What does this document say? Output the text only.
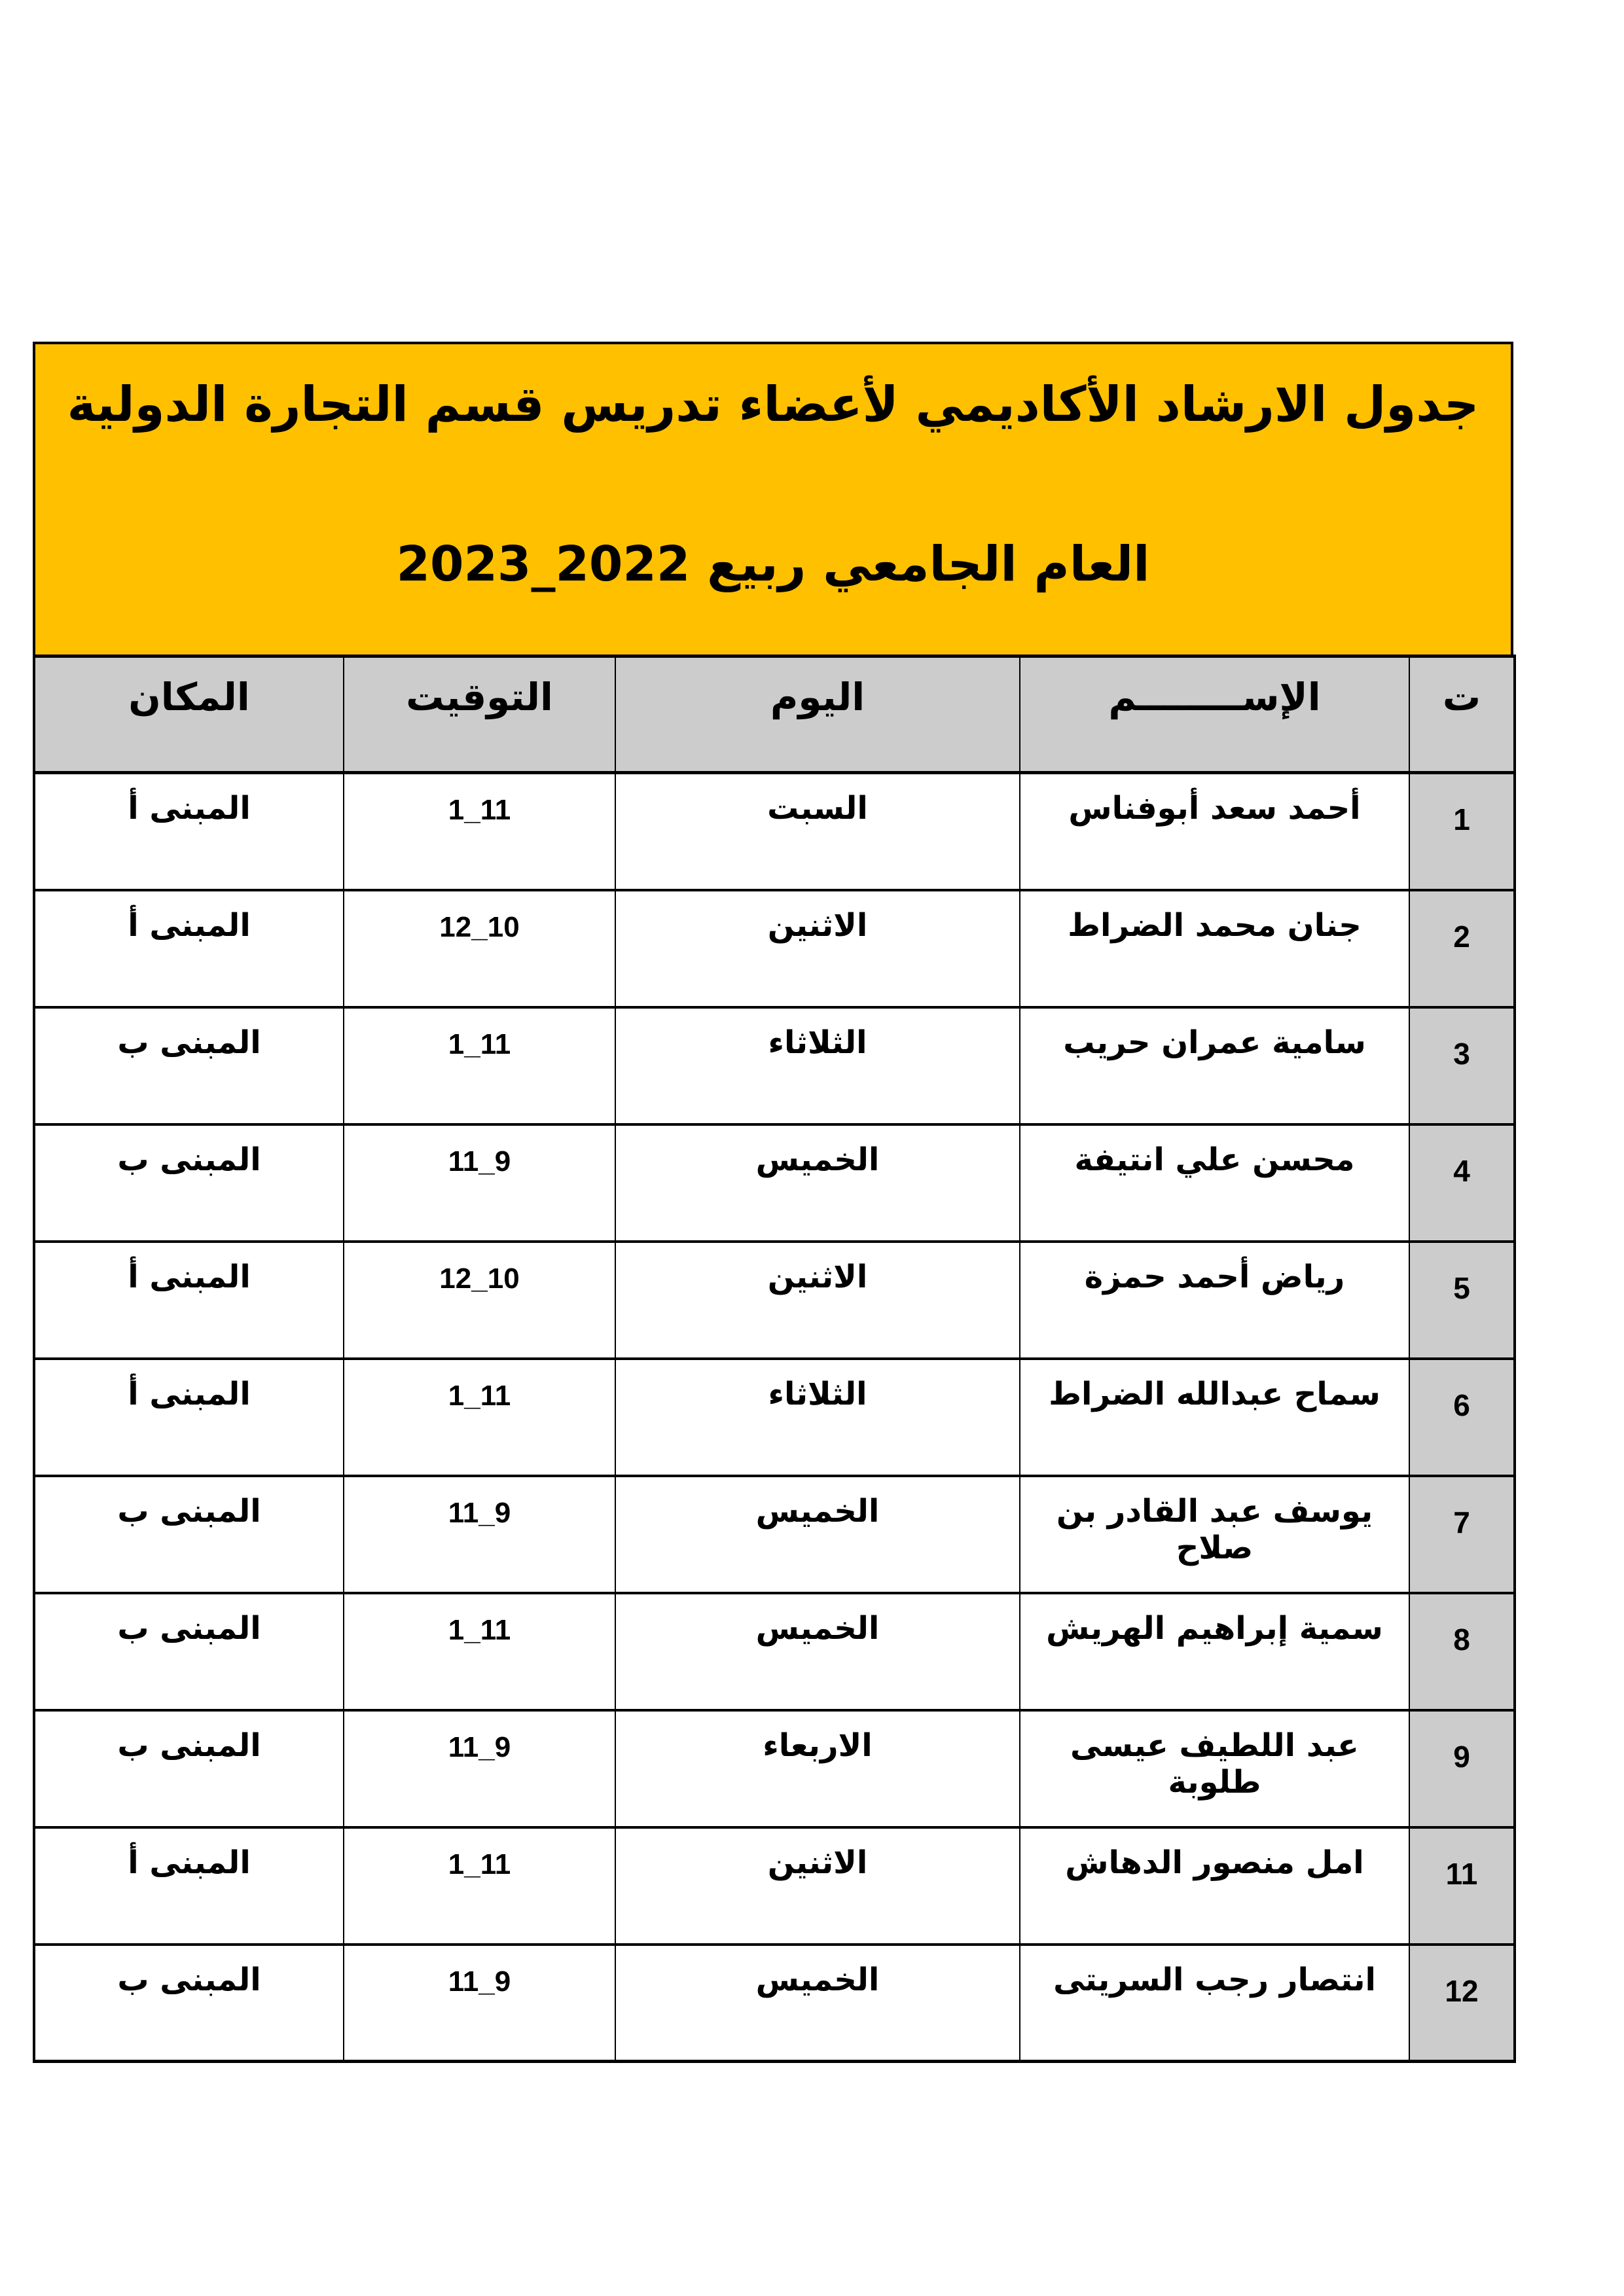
جدول الارشاد الأكاديمي لأعضاء تدريس قسم التجارة الدولية
العام الجامعي ربيع 2022_2023
ت	الإســــــــم	اليوم	التوقيت	المكان
1	أحمد سعد أبوفناس	السبت	11_1	المبنى أ
2	جنان محمد الضراط	الاثنين	10_12	المبنى أ
3	سامية عمران حريب	الثلاثاء	11_1	المبنى ب
4	محسن علي انتيفة	الخميس	9_11	المبنى ب
5	رياض أحمد حمزة	الاثنين	10_12	المبنى أ
6	سماح عبدالله الضراط	الثلاثاء	11_1	المبنى أ
7	يوسف عبد القادر بن صلاح	الخميس	9_11	المبنى ب
8	سمية إبراهيم الهريش	الخميس	11_1	المبنى ب
9	عبد اللطيف عيسى طلوبة	الاربعاء	9_11	المبنى ب
11	امل منصور الدهاش	الاثنين	11_1	المبنى أ
12	انتصار رجب السريتى	الخميس	9_11	المبنى ب
